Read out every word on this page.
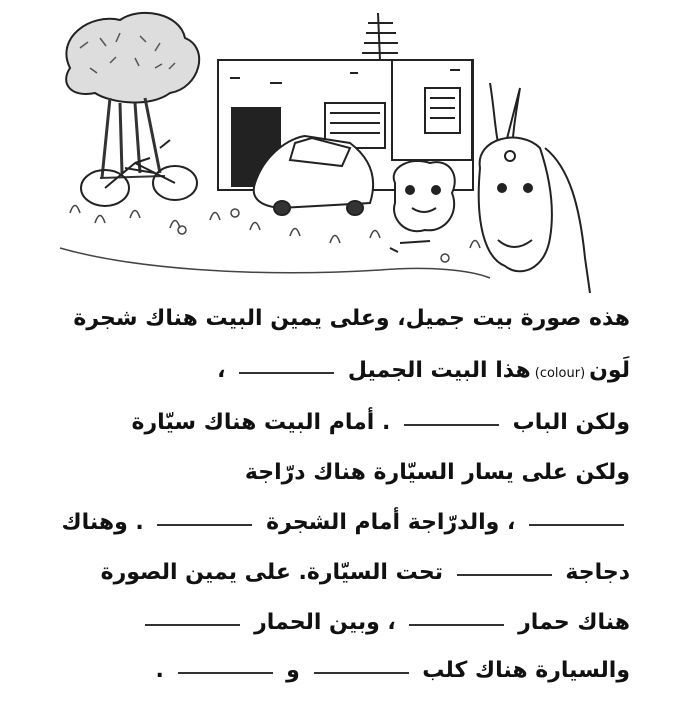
هذه صورة بيت جميل، وعلى يمين البيت هناك شجرة
لَون(colour)هذا البيت الجميل  ،
ولكن الباب  . أمام البيت هناك سيّارة
ولكن على يسار السيّارة هناك درّاجة
، والدرّاجة أمام الشجرة  . وهناك
دجاجة  تحت السيّارة. على يمين الصورة
هناك حمار  ، وبين الحمار
والسيارة هناك كلب  و  .
